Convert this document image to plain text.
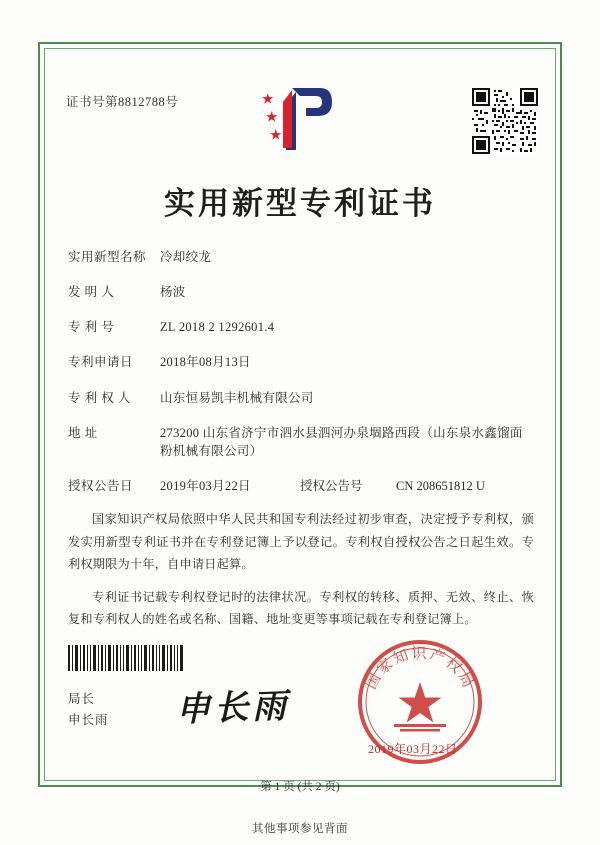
证书号第8812788号
实用新型专利证书
实用新型名称	冷却绞龙
发 明 人	杨波
专 利 号	ZL 2018 2 1292601.4
专利申请日	2018年08月13日
专 利 权 人	山东恒易凯丰机械有限公司
地 址	273200 山东省济宁市泗水县泗河办泉堌路西段（山东泉水鑫馏面粉机械有限公司）
授权公告日	2019年03月22日	授权公告号	CN 208651812 U

国家知识产权局依照中华人民共和国专利法经过初步审查，决定授予专利权，颁发实用新型专利证书并在专利登记簿上予以登记。专利权自授权公告之日起生效。专利权期限为十年，自申请日起算。

专利证书记载专利权登记时的法律状况。专利权的转移、质押、无效、终止、恢复和专利权人的姓名或名称、国籍、地址变更等事项记载在专利登记簿上。

局长
申长雨 申长雨
国家知识产权局
2019年03月22日
第 1 页 (共 2 页)
其他事项参见背面
